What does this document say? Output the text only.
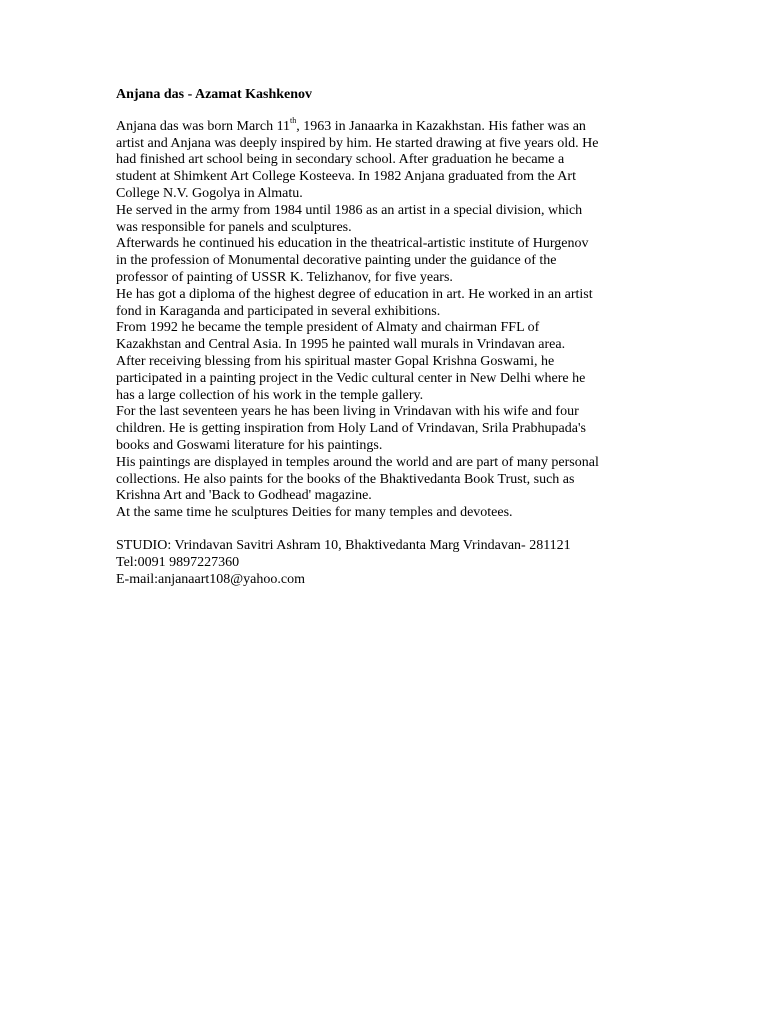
Anjana das - Azamat Kashkenov
Anjana das was born March 11th, 1963 in Janaarka in Kazakhstan. His father was an
artist and Anjana was deeply inspired by him. He started drawing at five years old. He
had finished art school being in secondary school. After graduation he became a
student at Shimkent Art College Kosteeva. In 1982 Anjana graduated from the Art
College N.V. Gogolya in Almatu.
He served in the army from 1984 until 1986 as an artist in a special division, which
was responsible for panels and sculptures.
Afterwards he continued his education in the theatrical-artistic institute of Hurgenov
in the profession of Monumental decorative painting under the guidance of the
professor of painting of USSR K. Telizhanov, for five years.
He has got a diploma of the highest degree of education in art. He worked in an artist
fond in Karaganda and participated in several exhibitions.
From 1992 he became the temple president of Almaty and chairman FFL of
Kazakhstan and Central Asia. In 1995 he painted wall murals in Vrindavan area.
After receiving blessing from his spiritual master Gopal Krishna Goswami, he
participated in a painting project in the Vedic cultural center in New Delhi where he
has a large collection of his work in the temple gallery.
For the last seventeen years he has been living in Vrindavan with his wife and four
children. He is getting inspiration from Holy Land of Vrindavan, Srila Prabhupada's
books and Goswami literature for his paintings.
His paintings are displayed in temples around the world and are part of many personal
collections. He also paints for the books of the Bhaktivedanta Book Trust, such as
Krishna Art and 'Back to Godhead' magazine.
At the same time he sculptures Deities for many temples and devotees.
STUDIO: Vrindavan Savitri Ashram 10, Bhaktivedanta Marg Vrindavan- 281121
Tel:0091 9897227360
E-mail:anjanaart108@yahoo.com
